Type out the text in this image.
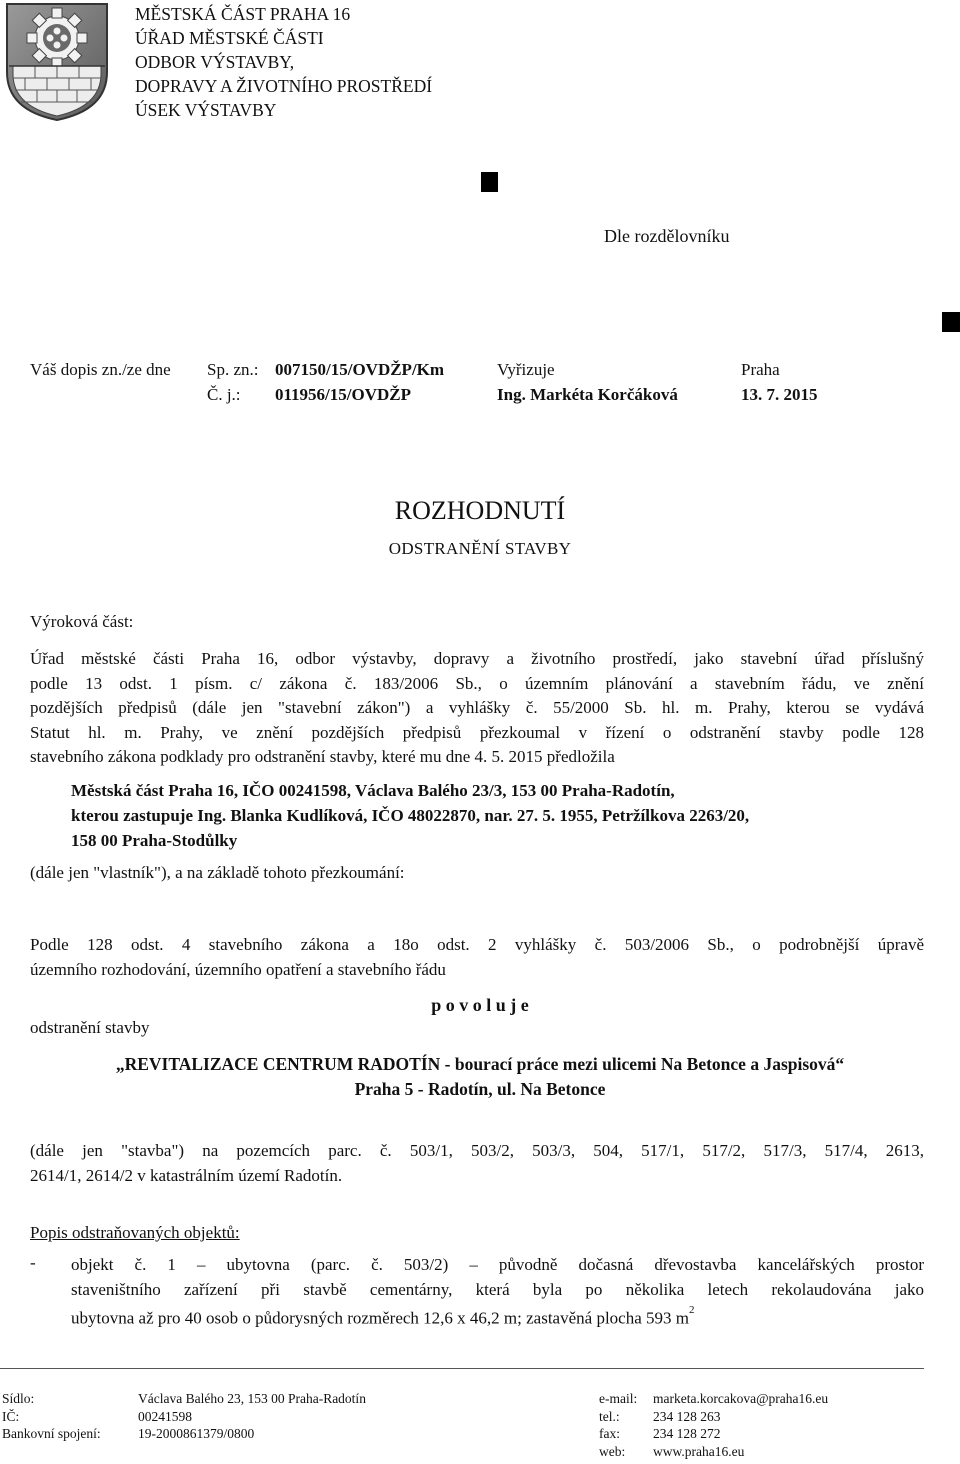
MĚSTSKÁ ČÁST PRAHA 16
ÚŘAD MĚSTSKÉ ČÁSTI
ODBOR VÝSTAVBY,
DOPRAVY A ŽIVOTNÍHO PROSTŘEDÍ
ÚSEK VÝSTAVBY
Dle rozdělovníku
Váš dopis zn./ze dne Sp. zn.: 007150/15/OVDŽP/Km	Vyřizuje	Praha
Č. j.: 011956/15/OVDŽP	Ing. Markéta Korčáková	13. 7. 2015
ROZHODNUTÍ
ODSTRANĚNÍ STAVBY
Výroková část:
Úřad městské části Praha 16, odbor výstavby, dopravy a životního prostředí, jako stavební úřad příslušný
podle 13 odst. 1 písm. c/ zákona č. 183/2006 Sb., o územním plánování a stavebním řádu, ve znění
pozdějších předpisů (dále jen "stavební zákon") a vyhlášky č. 55/2000 Sb. hl. m. Prahy, kterou se vydává
Statut hl. m. Prahy, ve znění pozdějších předpisů přezkoumal v řízení o odstranění stavby podle 128
stavebního zákona podklady pro odstranění stavby, které mu dne 4. 5. 2015 předložila
Městská část Praha 16, IČO 00241598, Václava Balého 23/3, 153 00 Praha-Radotín,
kterou zastupuje Ing. Blanka Kudlíková, IČO 48022870, nar. 27. 5. 1955, Petržílkova 2263/20,
158 00 Praha-Stodůlky
(dále jen "vlastník"), a na základě tohoto přezkoumání:
Podle 128 odst. 4 stavebního zákona a 18o odst. 2 vyhlášky č. 503/2006 Sb., o podrobnější úpravě
územního rozhodování, územního opatření a stavebního řádu
p o v o l u j e
odstranění stavby
„REVITALIZACE CENTRUM RADOTÍN - bourací práce mezi ulicemi Na Betonce a Jaspisová“
Praha 5 - Radotín, ul. Na Betonce
(dále jen "stavba") na pozemcích parc. č. 503/1, 503/2, 503/3, 504, 517/1, 517/2, 517/3, 517/4, 2613,
2614/1, 2614/2 v katastrálním území Radotín.
Popis odstraňovaných objektů:
- objekt č. 1 – ubytovna (parc. č. 503/2) – původně dočasná dřevostavba kancelářských prostor
staveništního zařízení při stavbě cementárny, která byla po několika letech rekolaudována jako
ubytovna až pro 40 osob o půdorysných rozměrech 12,6 x 46,2 m; zastavěná plocha 593 $m^2$
Sídlo:	Václava Balého 23, 153 00 Praha-Radotín
IČ:	00241598
Bankovní spojení:	19-2000861379/0800
e-mail: marketa.korcakova@praha16.eu
tel.: 234 128 263
fax: 234 128 272
web: www.praha16.eu
